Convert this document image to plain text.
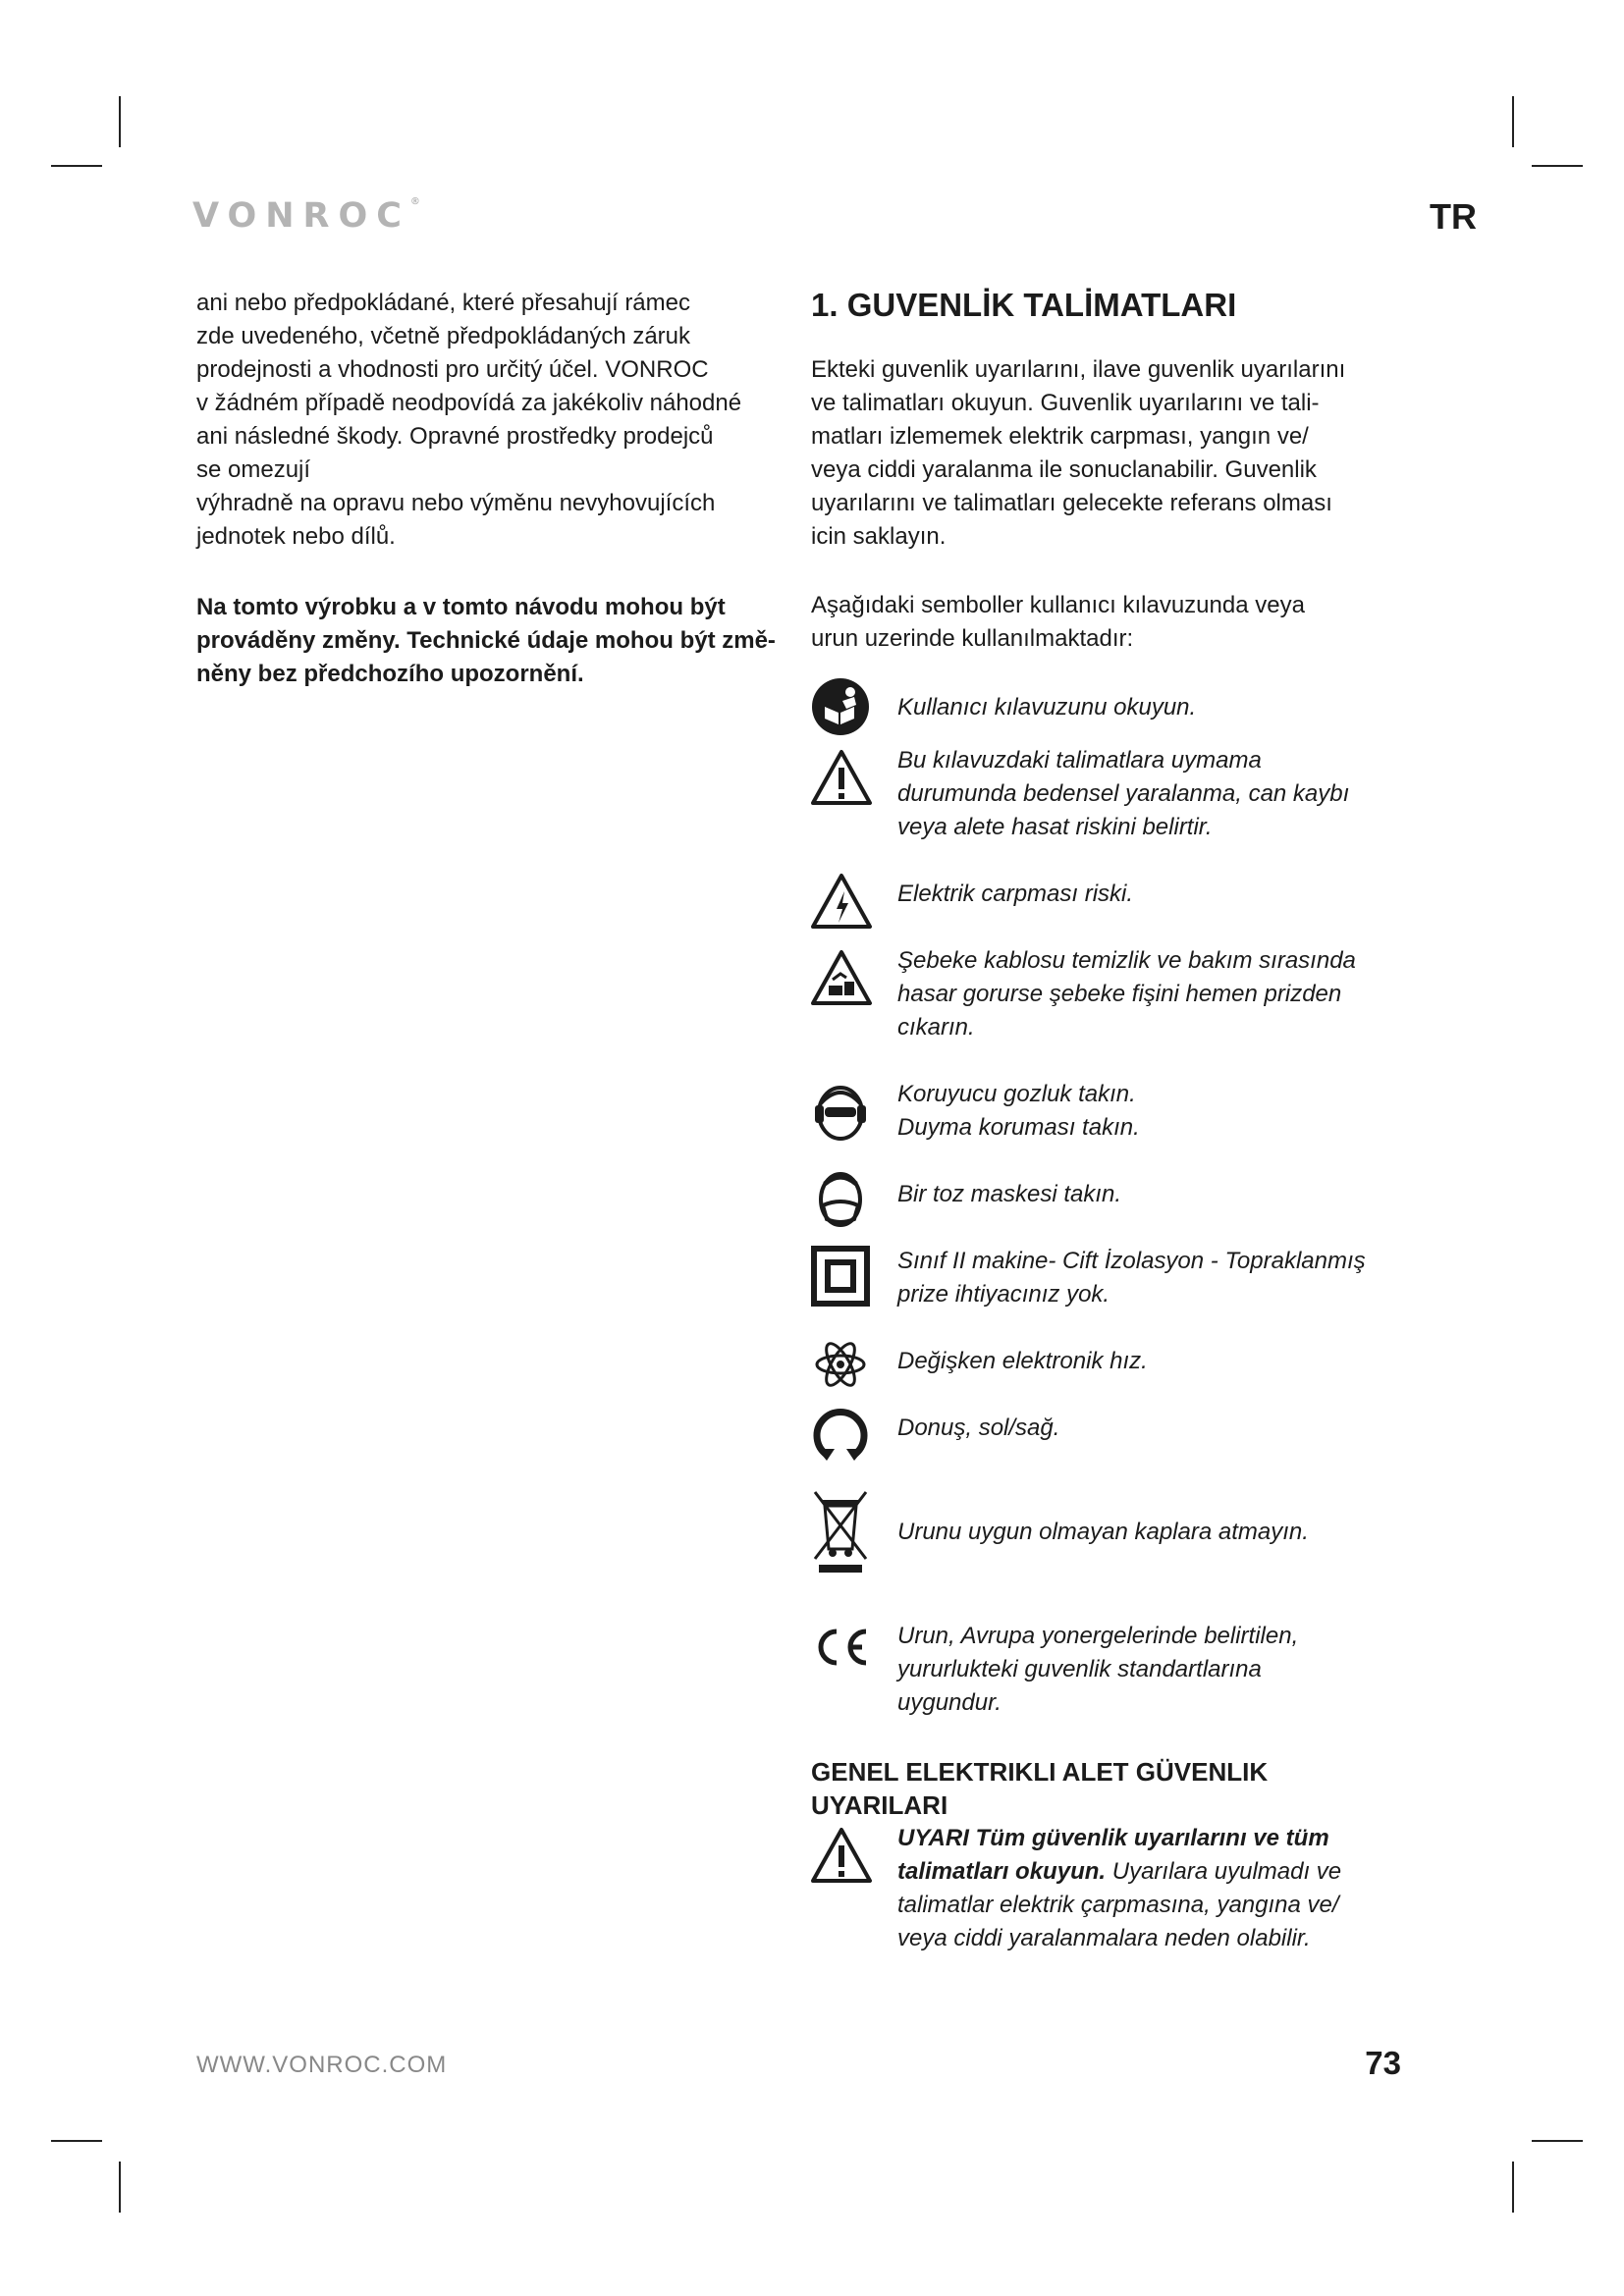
VONROC®	TR

ani nebo předpokládané, které přesahují rámec

zde uvedeného, včetně předpokládaných záruk

prodejnosti a vhodnosti pro určitý účel. VONROC

v žádném případě neodpovídá za jakékoliv náhodné

ani následné škody. Opravné prostředky prodejců

se omezují

výhradně na opravu nebo výměnu nevyhovujících

jednotek nebo dílů.

Na tomto výrobku a v tomto návodu mohou být

prováděny změny. Technické údaje mohou být změ-

něny bez předchozího upozornění.

1. GUVENLİK TALİMATLARI

Ekteki guvenlik uyarılarını, ilave guvenlik uyarılarını

ve talimatları okuyun. Guvenlik uyarılarını ve tali-

matları izlememek elektrik carpması, yangın ve/

veya ciddi yaralanma ile sonuclanabilir. Guvenlik

uyarılarını ve talimatları gelecekte referans olması

icin saklayın.

Aşağıdaki semboller kullanıcı kılavuzunda veya

urun uzerinde kullanılmaktadır:

Kullanıcı kılavuzunu okuyun.
Bu kılavuzdaki talimatlara uymama
durumunda bedensel yaralanma, can kaybı
veya alete hasat riskini belirtir.
Elektrik carpması riski.
Şebeke kablosu temizlik ve bakım sırasında
hasar gorurse şebeke fişini hemen prizden
cıkarın.
Koruyucu gozluk takın.
Duyma koruması takın.
Bir toz maskesi takın.
Sınıf II makine- Cift İzolasyon - Topraklanmış
prize ihtiyacınız yok.
Değişken elektronik hız.
Donuş, sol/sağ.
Urunu uygun olmayan kaplara atmayın.
Urun, Avrupa yonergelerinde belirtilen,
yururlukteki guvenlik standartlarına
uygundur.
GENEL ELEKTRIKLI ALET GÜVENLIK
UYARILARI
UYARI Tüm güvenlik uyarılarını ve tüm
talimatları okuyun. Uyarılara uyulmadı ve
talimatlar elektrik çarpmasına, yangına ve/
veya ciddi yaralanmalara neden olabilir.
WWW.VONROC.COM	73
